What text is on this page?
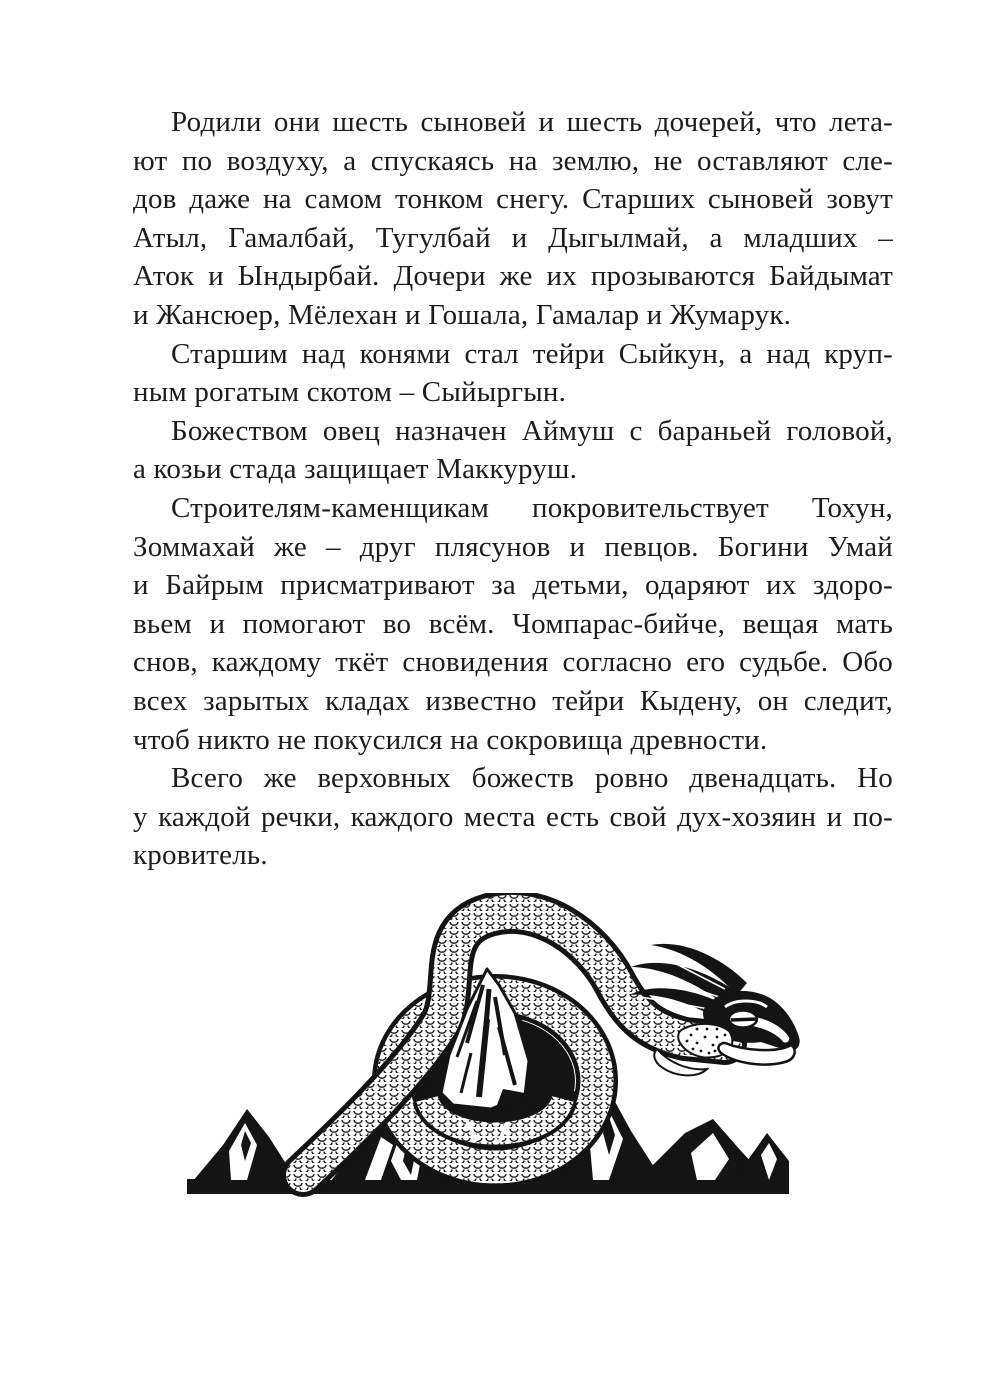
Родили они шесть сыновей и шесть дочерей, что лета-
ют по воздуху, а спускаясь на землю, не оставляют сле-
дов даже на самом тонком снегу. Старших сыновей зовут
Атыл, Гамалбай, Тугулбай и Дыгылмай, а младших –
Аток и Ындырбай. Дочери же их прозываются Байдымат
и Жансюер, Мёлехан и Гошала, Гамалар и Жумарук.
Старшим над конями стал тейри Сыйкун, а над круп-
ным рогатым скотом – Сыйыргын.
Божеством овец назначен Аймуш с бараньей головой,
а козьи стада защищает Маккуруш.
Строителям-каменщикам покровительствует Тохун,
Зоммахай же – друг плясунов и певцов. Богини Умай
и Байрым присматривают за детьми, одаряют их здоро-
вьем и помогают во всём. Чомпарас-бийче, вещая мать
снов, каждому ткёт сновидения согласно его судьбе. Обо
всех зарытых кладах известно тейри Кыдену, он следит,
чтоб никто не покусился на сокровища древности.
Всего же верховных божеств ровно двенадцать. Но
у каждой речки, каждого места есть свой дух-хозяин и по-
кровитель.
